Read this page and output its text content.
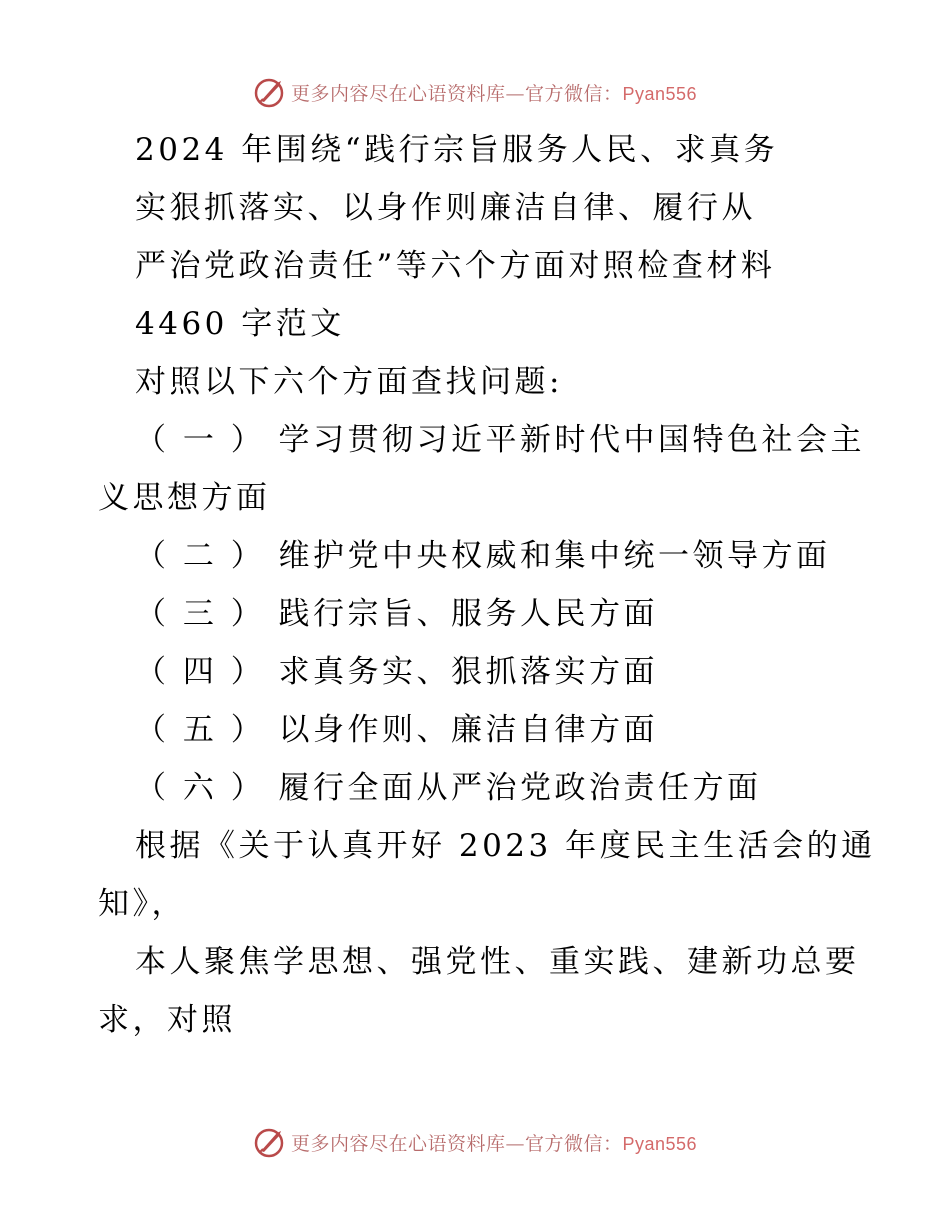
更多内容尽在心语资料库—官方微信：Pyan556
2024 年围绕“践行宗旨服务人民、求真务
实狠抓落实、以身作则廉洁自律、履行从
严治党政治责任”等六个方面对照检查材料
4460 字范文
对照以下六个方面查找问题:
（ 一 ） 学习贯彻习近平新时代中国特色社会主
义思想方面
（ 二 ） 维护党中央权威和集中统一领导方面
（ 三 ） 践行宗旨、服务人民方面
（ 四 ） 求真务实、狠抓落实方面
（ 五 ） 以身作则、廉洁自律方面
（ 六 ） 履行全面从严治党政治责任方面
根据《关于认真开好 2023 年度民主生活会的通
知》，
本人聚焦学思想、强党性、重实践、建新功总要
求，对照
更多内容尽在心语资料库—官方微信：Pyan556
